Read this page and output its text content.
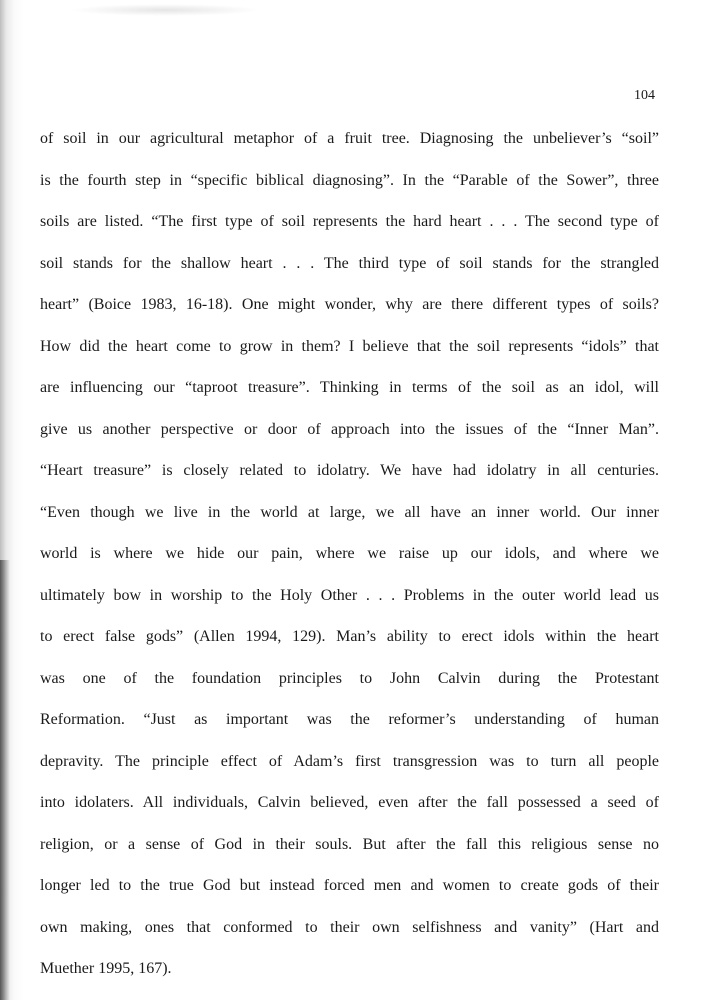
104
of soil in our agricultural metaphor of a fruit tree. Diagnosing the unbeliever’s “soil”
is the fourth step in “specific biblical diagnosing”. In the “Parable of the Sower”, three
soils are listed. “The first type of soil represents the hard heart . . . The second type of
soil stands for the shallow heart . . . The third type of soil stands for the strangled
heart” (Boice 1983, 16-18). One might wonder, why are there different types of soils?
How did the heart come to grow in them? I believe that the soil represents “idols” that
are influencing our “taproot treasure”. Thinking in terms of the soil as an idol, will
give us another perspective or door of approach into the issues of the “Inner Man”.
“Heart treasure” is closely related to idolatry. We have had idolatry in all centuries.
“Even though we live in the world at large, we all have an inner world. Our inner
world is where we hide our pain, where we raise up our idols, and where we
ultimately bow in worship to the Holy Other . . . Problems in the outer world lead us
to erect false gods” (Allen 1994, 129). Man’s ability to erect idols within the heart
was one of the foundation principles to John Calvin during the Protestant
Reformation. “Just as important was the reformer’s understanding of human
depravity. The principle effect of Adam’s first transgression was to turn all people
into idolaters. All individuals, Calvin believed, even after the fall possessed a seed of
religion, or a sense of God in their souls. But after the fall this religious sense no
longer led to the true God but instead forced men and women to create gods of their
own making, ones that conformed to their own selfishness and vanity” (Hart and
Muether 1995, 167).
